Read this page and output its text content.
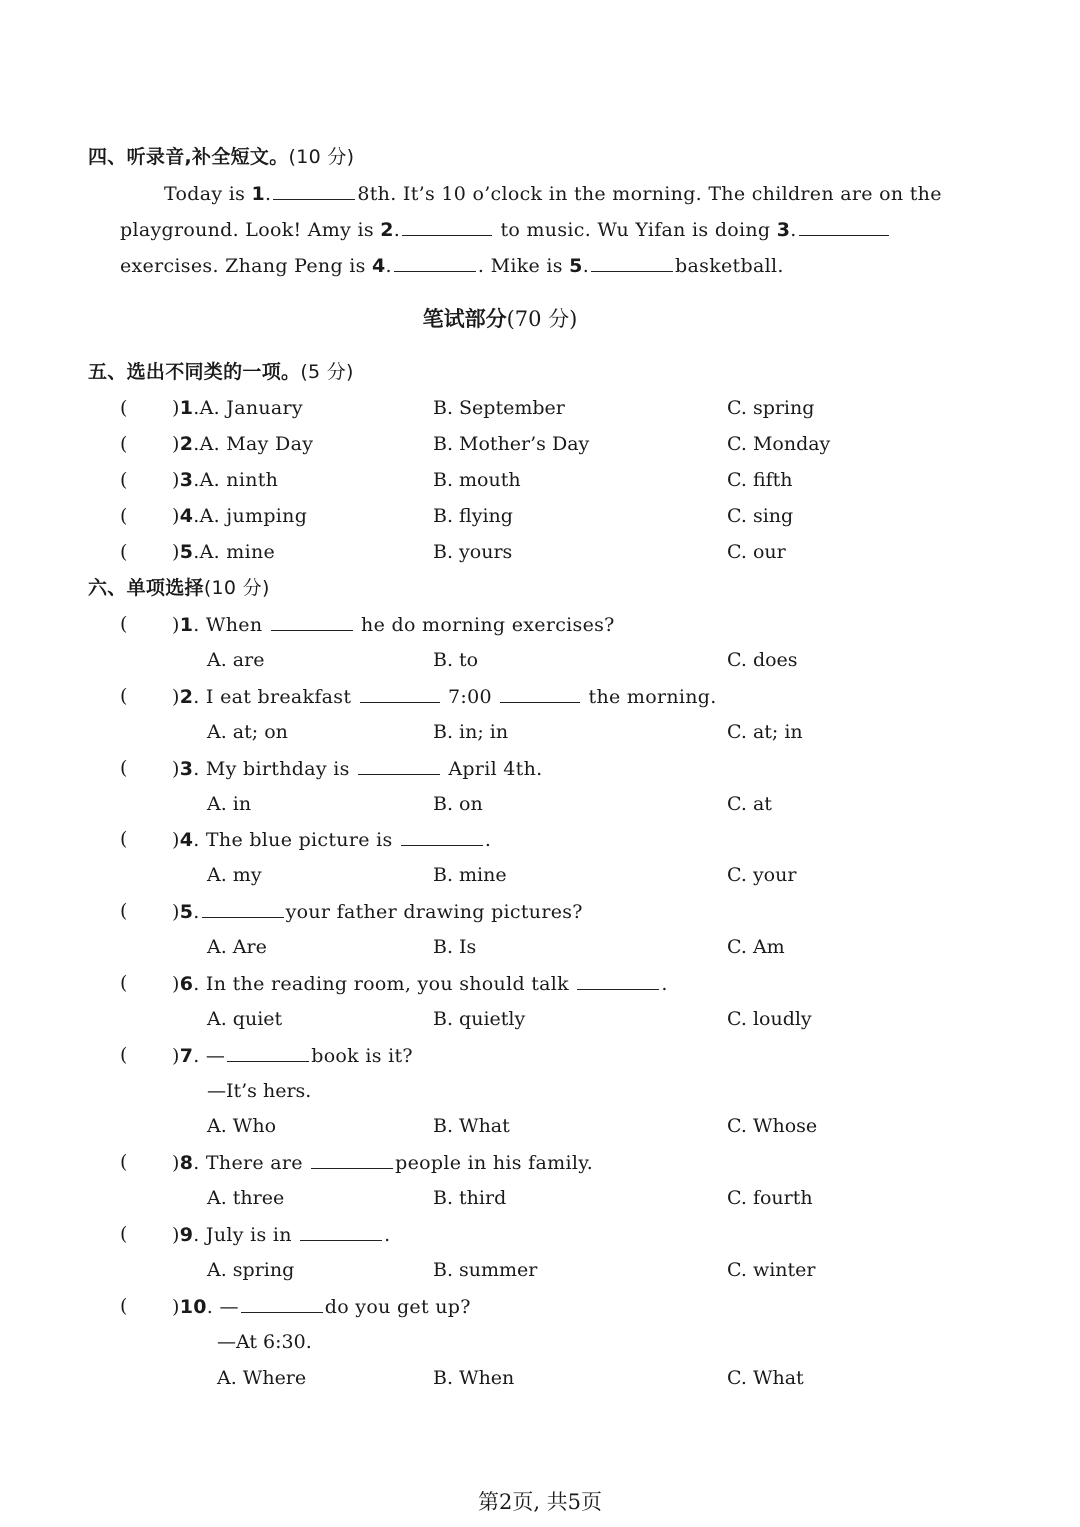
四、听录音,补全短文。(10 分)
Today is 1.	8th. It’s 10 o’clock in the morning. The children are on the
playground. Look! Amy is 2.	to music. Wu Yifan is doing 3.
exercises. Zhang Peng is 4.	. Mike is 5.	basketball.
笔试部分(70 分)
五、选出不同类的一项。(5 分)
( )1.A. January	B. September	C. spring
( )2.A. May Day	B. Mother’s Day	C. Monday
( )3.A. ninth	B. mouth	C. fifth
( )4.A. jumping	B. flying	C. sing
( )5.A. mine	B. yours	C. our
六、单项选择(10 分)
( )1. When	he do morning exercises?
A. are	B. to	C. does
( )2. I eat breakfast	7:00	the morning.
A. at; on	B. in; in	C. at; in
( )3. My birthday is	April 4th.
A. in	B. on	C. at
( )4. The blue picture is	.
A. my	B. mine	C. your
( )5.	your father drawing pictures?
A. Are	B. Is	C. Am
( )6. In the reading room, you should talk	.
A. quiet	B. quietly	C. loudly
( )7. —	book is it?
—It’s hers.
A. Who	B. What	C. Whose
( )8. There are	people in his family.
A. three	B. third	C. fourth
( )9. July is in	.
A. spring	B. summer	C. winter
( )10. —	do you get up?
—At 6:30.
A. Where	B. When	C. What
第2页, 共5页
